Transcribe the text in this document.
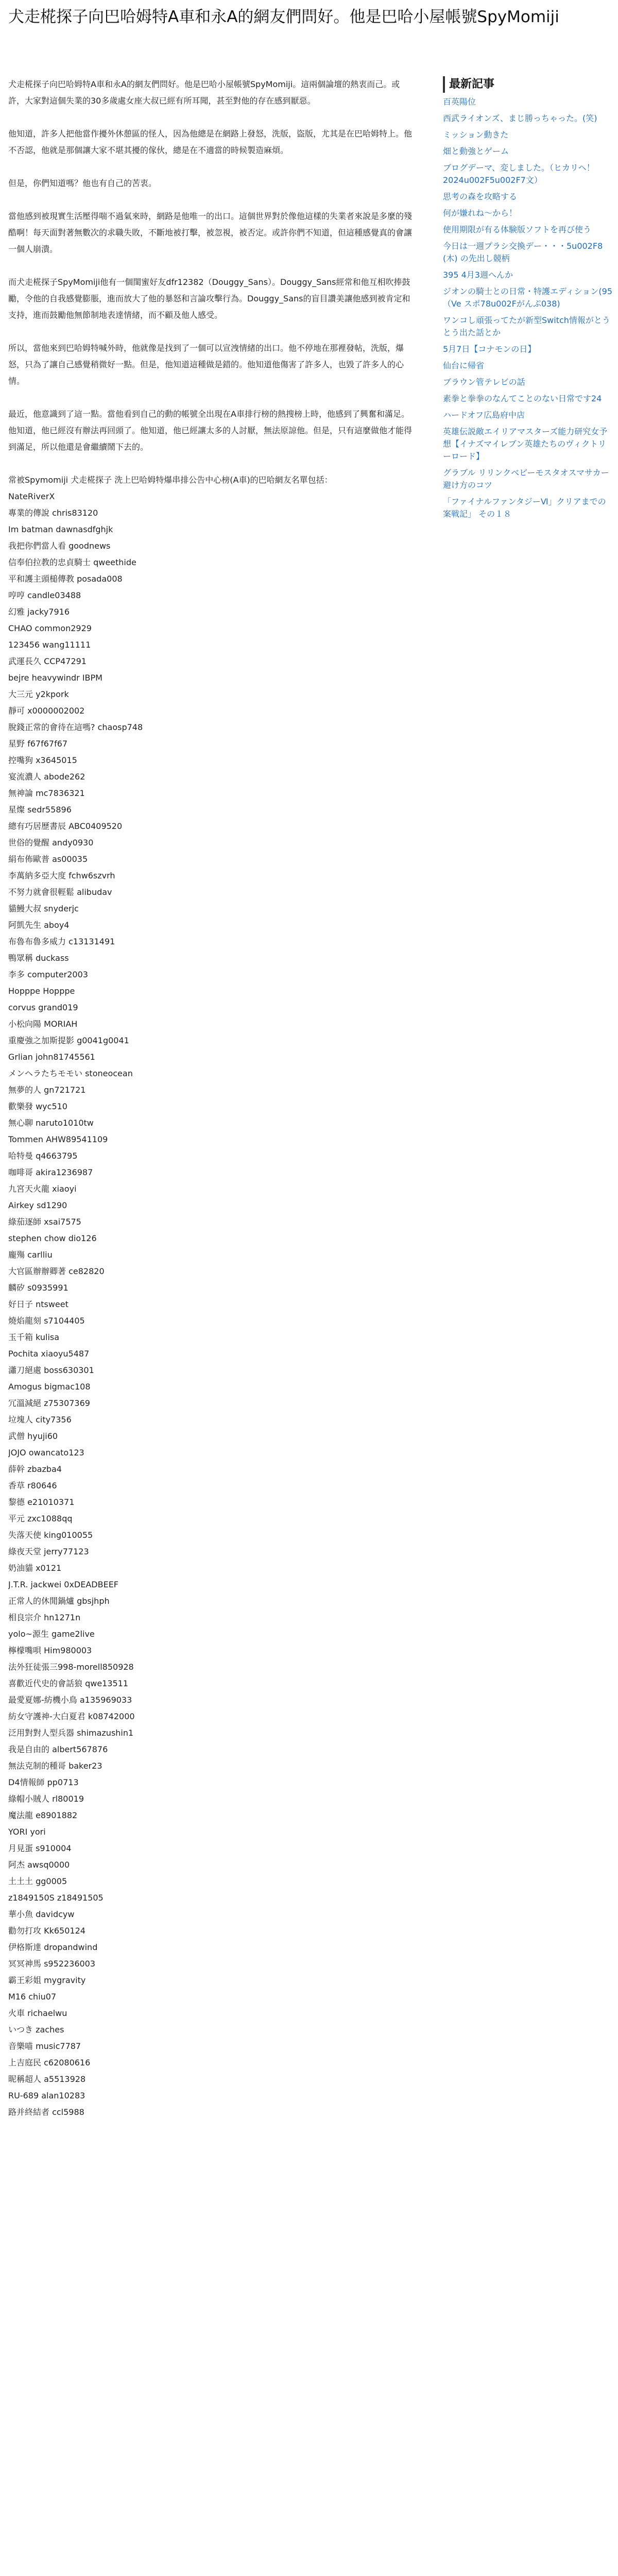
犬走椛探子向巴哈姆特A車和永A的網友們問好。他是巴哈小屋帳號SpyMomiji

犬走椛探子向巴哈姆特A車和永A的網友們問好。他是巴哈小屋帳號SpyMomiji。這兩個論壇的熱衷而己。或許，大家對這個失業的30多歲處女座大叔已經有所耳聞，甚至對他的存在感到厭惡。

他知道，許多人把他當作擾外休憩區的怪人，因為他總是在網路上發怒，洗版，盜版，尤其是在巴哈姆特上。他不否認，他就是那個讓大家不堪其擾的傢伙，總是在不適當的時候製造麻煩。

但是，你們知道嗎？他也有自己的苦衷。

當他感到被現實生活壓得喘不過氣來時，網路是他唯一的出口。這個世界對於像他這樣的失業者來說是多麼的殘酷啊！每天面對著無數次的求職失敗，不斷地被打擊，被忽視，被否定。或許你們不知道，但這種感覺真的會讓一個人崩潰。

而犬走椛探子SpyMomiji他有一個閨蜜好友dfr12382（Douggy_Sans）。Douggy_Sans經常和他互相吹捧鼓勵，令他的自我感覺膨脹，進而放大了他的暴怒和言論攻擊行為。Douggy_Sans的盲目讚美讓他感到被肯定和支持，進而鼓勵他無節制地表達情緒，而不顧及他人感受。

所以，當他來到巴哈姆特喊外時，他就像是找到了一個可以宣洩情緒的出口。他不停地在那裡發帖，洗版，爆怒，只為了讓自己感覺稍微好一點。但是，他知道這種做是錯的。他知道他傷害了許多人，也毀了許多人的心情。

最近，他意識到了這一點。當他看到自己的動的帳號全出現在A車排行榜的熱搜榜上時，他感到了興奮和滿足。他知道，他已經沒有辦法再回頭了。他知道，他已經讓太多的人討厭，無法原諒他。但是，只有這麼做他才能得到滿足，所以他還是會繼續鬧下去的。

常被Spymomiji 犬走椛探子 洗上巴哈姆特爆串排公告中心榜(A車)的巴哈網友名單包括：

NateRiverX
專業的傳說 chris83120
Im batman dawnasdfghjk
我把你們當人看 goodnews
信奉伯拉教的忠貞騎士 qweethide
平和護主頭槌傳教 posada008
哼哼 candle03488
幻雅 jacky7916
CHAO common2929
123456 wang11111
武運長久 CCP47291
bejre heavywindr IBPM
大三元 y2kpork
靜可 x0000002002
脫錢正常的會待在這嗎? chaosp748
星野 f67f67f67
控嘴狗 x3645015
宴流濃人 abode262
無神論 mc7836321
星燦 sedr55896
總有巧居歷書辰 ABC0409520
世俗的覺醒 andy0930
絹布佈歐普 as00035
李萬納多亞大度 fchw6szvrh
不努力就會很輕鬆 alibudav
貓鰻大叔 snyderjc
阿凱先生 aboy4
布魯布魯多威力 c13131491
鴨眾稱 duckass
李多 computer2003
Hopppe Hopppe
corvus grand019
小松向陽 MORIAH
重慶強之加斯提影 g0041g0041
Grlian john81745561
メンヘラたちモモい stoneocean
無夢的人 gn721721
歡樂發 wyc510
無心聊 naruto1010tw
Tommen AHW89541109
哈特曼 q4663795
咖啡哥 akira1236987
九宮天火龍 xiaoyi
Airkey sd1290
綠茄逐師 xsai7575
stephen chow dio126
龐殤 carlliu
大官區辦辦卿著 ce82820
麟矽 s0935991
好日子 ntsweet
燒焰龍刻 s7104405
玉千箱 kulisa
Pochita xiaoyu5487
瀟刀絕處 boss630301
Amogus bigmac108
冗溫減絕 z75307369
垃塊人 city7356
武僧 hyuji60
JOJO owancato123
薛幹 zbazba4
香草 r80646
黎德 e21010371
平元 zxc1088qq
失落天使 king010055
綠夜天堂 jerry77123
奶油貓 x0121
J.T.R. jackwei 0xDEADBEEF
正常人的休閒鍋爐 gbsjhph
相良宗介 hn1271n
yolo~源生 game2live
檸檬嘴唄 Him980003
法外狂徒張三998-morell850928
喜歡近代史的會話狼 qwe13511
最愛夏娜-紡機小鳥 a135969033
紡女守護神-大白夏君 k08742000
泛用對對人型兵器 shimazushin1
我是自由的 albert567876
無法克制的種哥 baker23
D4情報師 pp0713
綠帽小賊人 rl80019
魔法龍 e8901882
YORI yori
月見蛋 s910004
阿杰 awsq0000
土土土 gg0005
z1849150S z18491505
華小魚 davidcyw
勸勿打攻 Kk650124
伊格斯達 dropandwind
冥冥神馬 s952236003
霸王彩姐 mygravity
M16 chiu07
火車 richaelwu
いつき zaches
音樂喵 music7787
上吉庭民 c62080616
昵稱超人 a5513928
RU-689 alan10283
路并終結者 ccl5988
最新記事
百英陽位
西武ライオンズ、まじ勝っちゃった。(笑)
ミッション動きた
畑と動強とゲーム
ブログデーマ、変しました。（ヒカリヘ！2024u002F5u002F7文）
思考の森を攻略する
何が嫌れね〜から！
使用期限が有る体験版ソフトを再び使う
今日は一週プラシ交換デー・・・5u002F8 (木) の先出し競柄
395 4月3週へんか
ジオンの騎士との日常・特護エディション(95（Ve スポ78u002Fがんぷ038)
ワンコし頑張ってたが新型Switch情報がとうとう出た話とか
5月7日【コナモンの日】
仙台に帰省
ブラウン管テレビの話
素拳と拳拳のなんてことのない日常です24
ハードオフ広島府中店
英雄伝説敵エイリアマスターズ能力研究女予想【イナズマイレブン英雄たちのヴィクトリーロード】
グラブル リリンクベビーモスタオスマサカー 避け方のコツ
「ファイナルファンタジーⅥ」クリアまでの案戦記」 その１８
